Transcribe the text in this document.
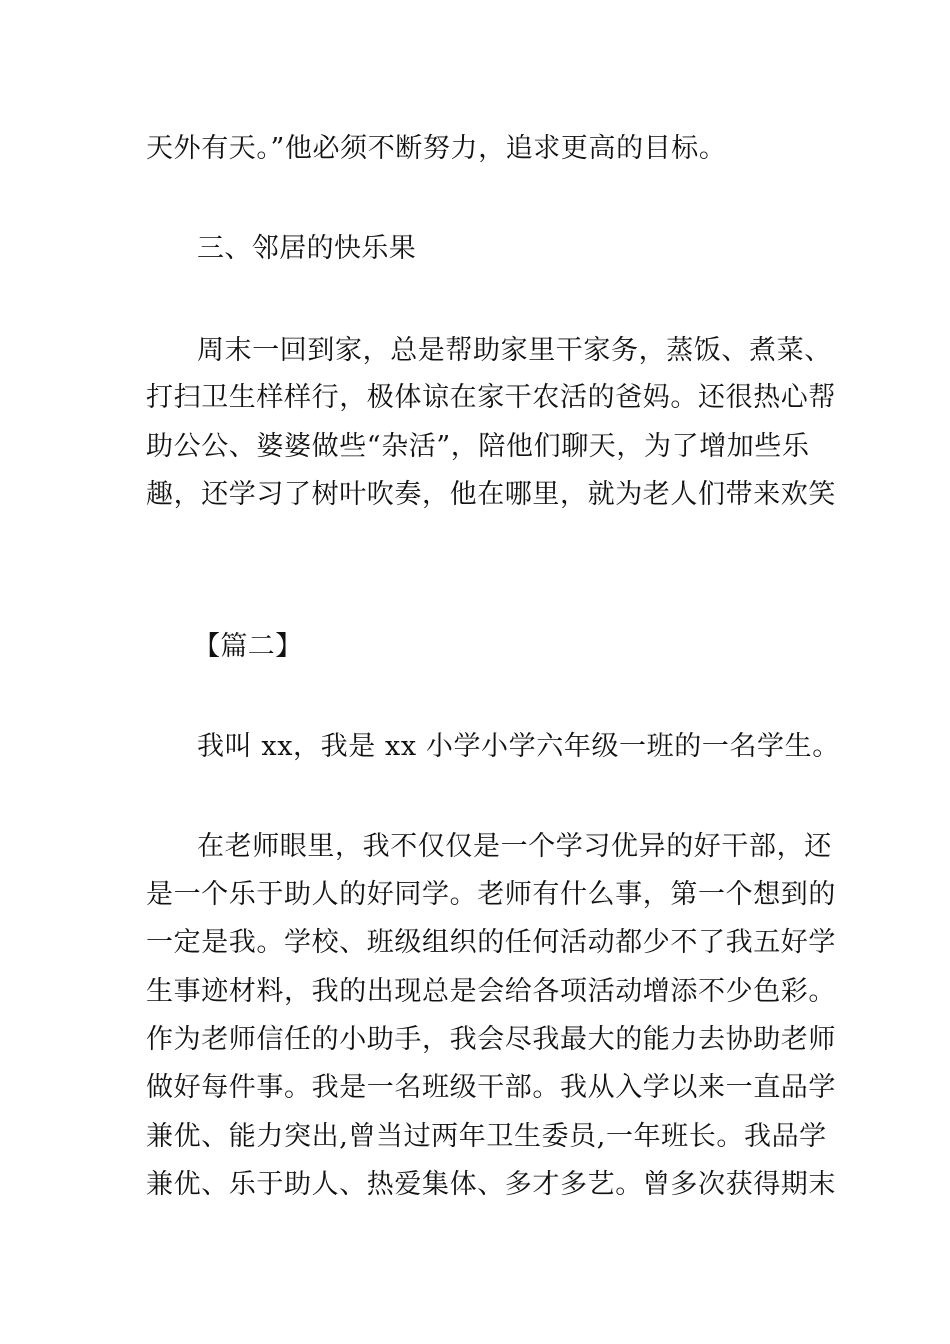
天外有天。”他必须不断努力，追求更高的目标。
三、邻居的快乐果
周末一回到家，总是帮助家里干家务，蒸饭、煮菜、
打扫卫生样样行，极体谅在家干农活的爸妈。还很热心帮
助公公、婆婆做些“杂活”，陪他们聊天，为了增加些乐
趣，还学习了树叶吹奏，他在哪里，就为老人们带来欢笑
【篇二】
我叫 xx，我是 xx 小学小学六年级一班的一名学生。
在老师眼里，我不仅仅是一个学习优异的好干部，还
是一个乐于助人的好同学。老师有什么事，第一个想到的
一定是我。学校、班级组织的任何活动都少不了我五好学
生事迹材料，我的出现总是会给各项活动增添不少色彩。
作为老师信任的小助手，我会尽我最大的能力去协助老师
做好每件事。我是一名班级干部。我从入学以来一直品学
兼优、能力突出,曾当过两年卫生委员,一年班长。我品学
兼优、乐于助人、热爱集体、多才多艺。曾多次获得期末
